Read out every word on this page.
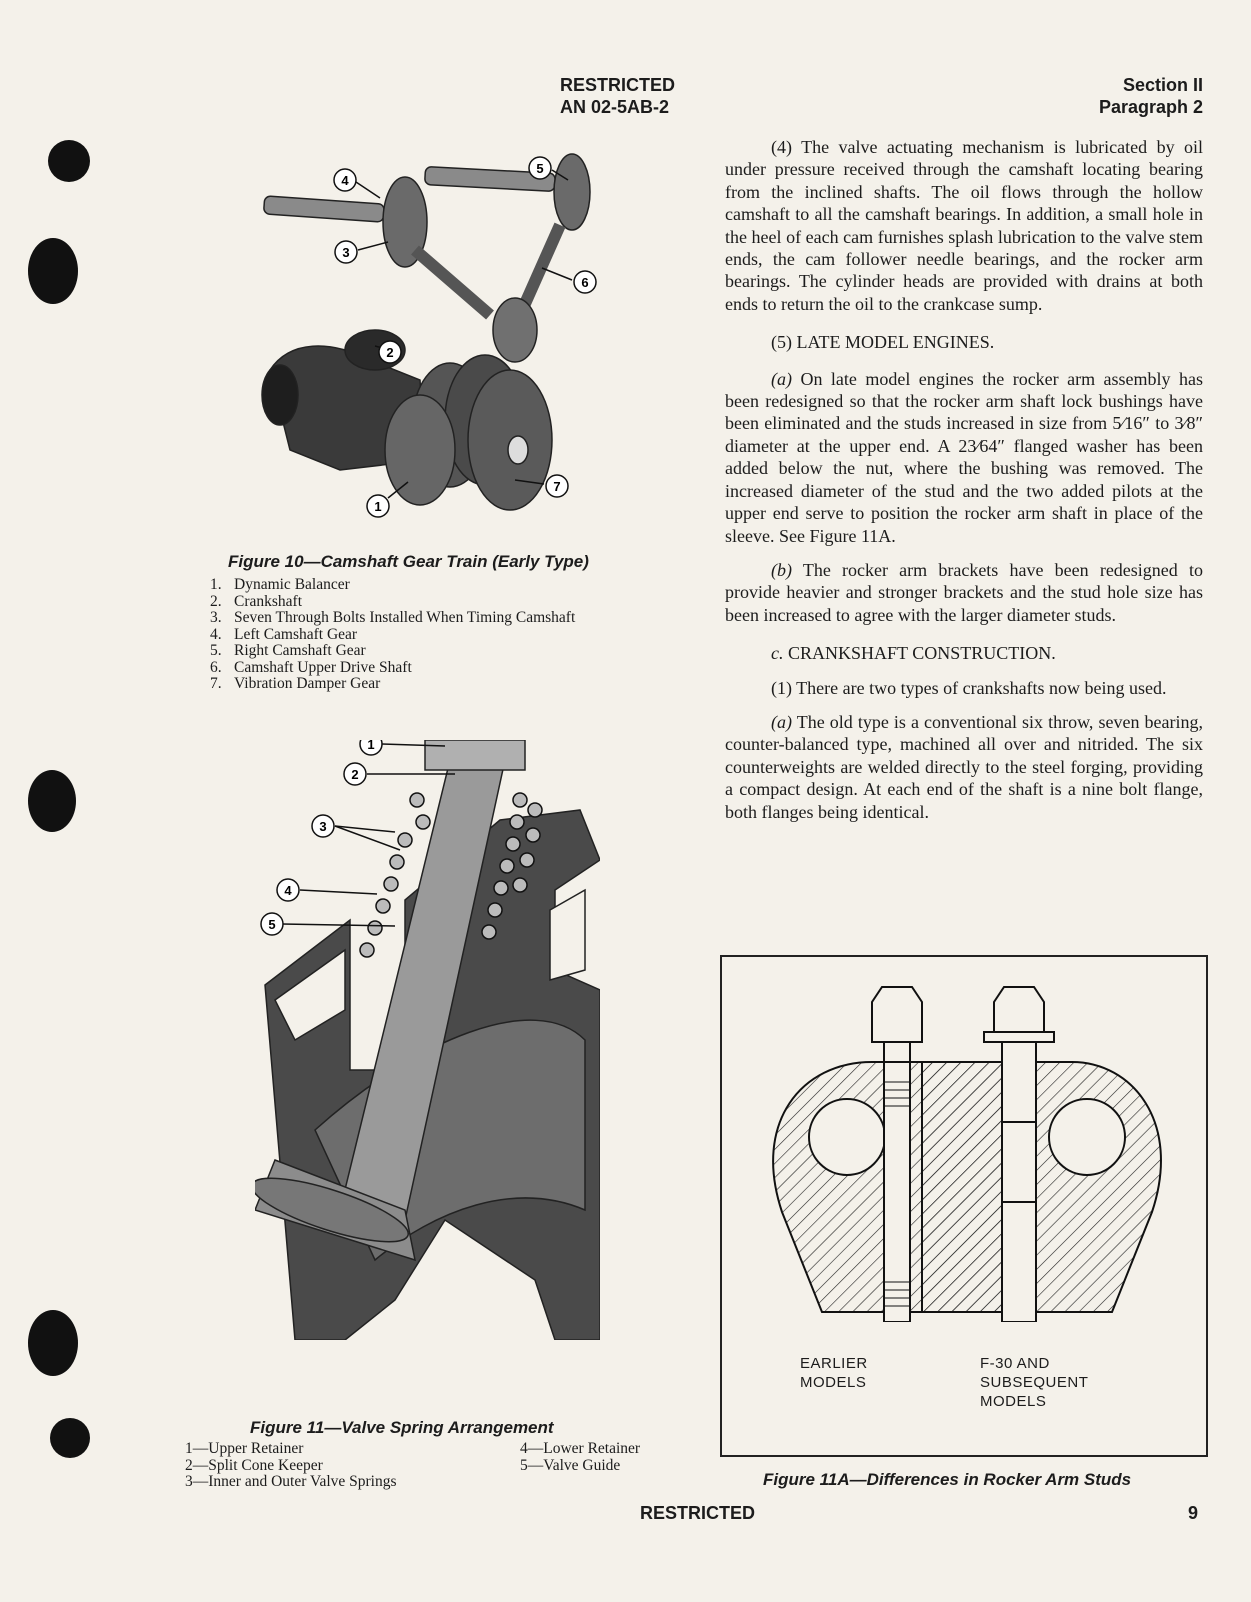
RESTRICTED
AN 02-5AB-2
Section II
Paragraph 2
4
5
3
6
2
1
7
Figure 10—Camshaft Gear Train (Early Type)
1. Dynamic Balancer
2. Crankshaft
3. Seven Through Bolts Installed When Timing Camshaft
4. Left Camshaft Gear
5. Right Camshaft Gear
6. Camshaft Upper Drive Shaft
7. Vibration Damper Gear
1
2
3
4
5
Figure 11—Valve Spring Arrangement
1—Upper Retainer
2—Split Cone Keeper
3—Inner and Outer Valve Springs
4—Lower Retainer
5—Valve Guide

(4) The valve actuating mechanism is lubricated by oil under pressure received through the camshaft locating bearing from the inclined shafts. The oil flows through the hollow camshaft to all the camshaft bearings. In addition, a small hole in the heel of each cam furnishes splash lubrication to the valve stem ends, the cam follower needle bearings, and the rocker arm bearings. The cylinder heads are provided with drains at both ends to return the oil to the crankcase sump.

(5) LATE MODEL ENGINES.

(a) On late model engines the rocker arm assembly has been redesigned so that the rocker arm shaft lock bushings have been eliminated and the studs increased in size from 5⁄16″ to 3⁄8″ diameter at the upper end. A 23⁄64″ flanged washer has been added below the nut, where the bushing was removed. The increased diameter of the stud and the two added pilots at the upper end serve to position the rocker arm shaft in place of the sleeve. See Figure 11A.

(b) The rocker arm brackets have been redesigned to provide heavier and stronger brackets and the stud hole size has been increased to agree with the larger diameter studs.

c. CRANKSHAFT CONSTRUCTION.

(1) There are two types of crankshafts now being used.

(a) The old type is a conventional six throw, seven bearing, counter-balanced type, machined all over and nitrided. The six counterweights are welded directly to the steel forging, providing a compact design. At each end of the shaft is a nine bolt flange, both flanges being identical.

EARLIER
MODELS
F-30 AND
SUBSEQUENT
MODELS
Figure 11A—Differences in Rocker Arm Studs
RESTRICTED	9
